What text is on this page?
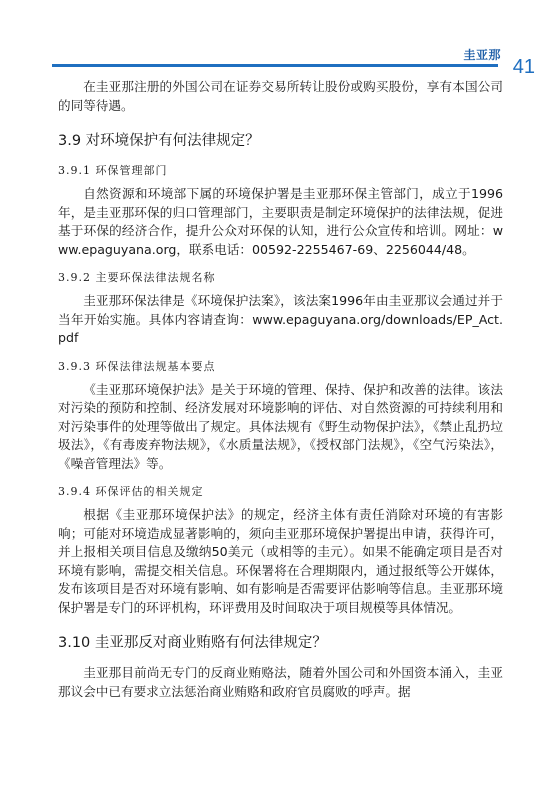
圭亚那
41

在圭亚那注册的外国公司在证券交易所转让股份或购买股份，享有本国公司的同等待遇。

3.9 对环境保护有何法律规定？
3.9.1 环保管理部门

自然资源和环境部下属的环境保护署是圭亚那环保主管部门，成立于1996年，是圭亚那环保的归口管理部门，主要职责是制定环境保护的法律法规，促进基于环保的经济合作，提升公众对环保的认知，进行公众宣传和培训。网址：www.epaguyana.org，联系电话：00592-2255467-69、2256044/48。

3.9.2 主要环保法律法规名称

圭亚那环保法律是《环境保护法案》，该法案1996年由圭亚那议会通过并于当年开始实施。具体内容请查询：www.epaguyana.org/downloads/EP_Act.pdf

3.9.3 环保法律法规基本要点

《圭亚那环境保护法》是关于环境的管理、保持、保护和改善的法律。该法对污染的预防和控制、经济发展对环境影响的评估、对自然资源的可持续利用和对污染事件的处理等做出了规定。具体法规有《野生动物保护法》，《禁止乱扔垃圾法》，《有毒废弃物法规》，《水质量法规》，《授权部门法规》，《空气污染法》，《噪音管理法》等。

3.9.4 环保评估的相关规定

根据《圭亚那环境保护法》的规定，经济主体有责任消除对环境的有害影响；可能对环境造成显著影响的，须向圭亚那环境保护署提出申请，获得许可，并上报相关项目信息及缴纳50美元（或相等的圭元）。如果不能确定项目是否对环境有影响，需提交相关信息。环保署将在合理期限内，通过报纸等公开媒体，发布该项目是否对环境有影响、如有影响是否需要评估影响等信息。圭亚那环境保护署是专门的环评机构，环评费用及时间取决于项目规模等具体情况。

3.10 圭亚那反对商业贿赂有何法律规定？

圭亚那目前尚无专门的反商业贿赂法，随着外国公司和外国资本涌入，圭亚那议会中已有要求立法惩治商业贿赂和政府官员腐败的呼声。据
